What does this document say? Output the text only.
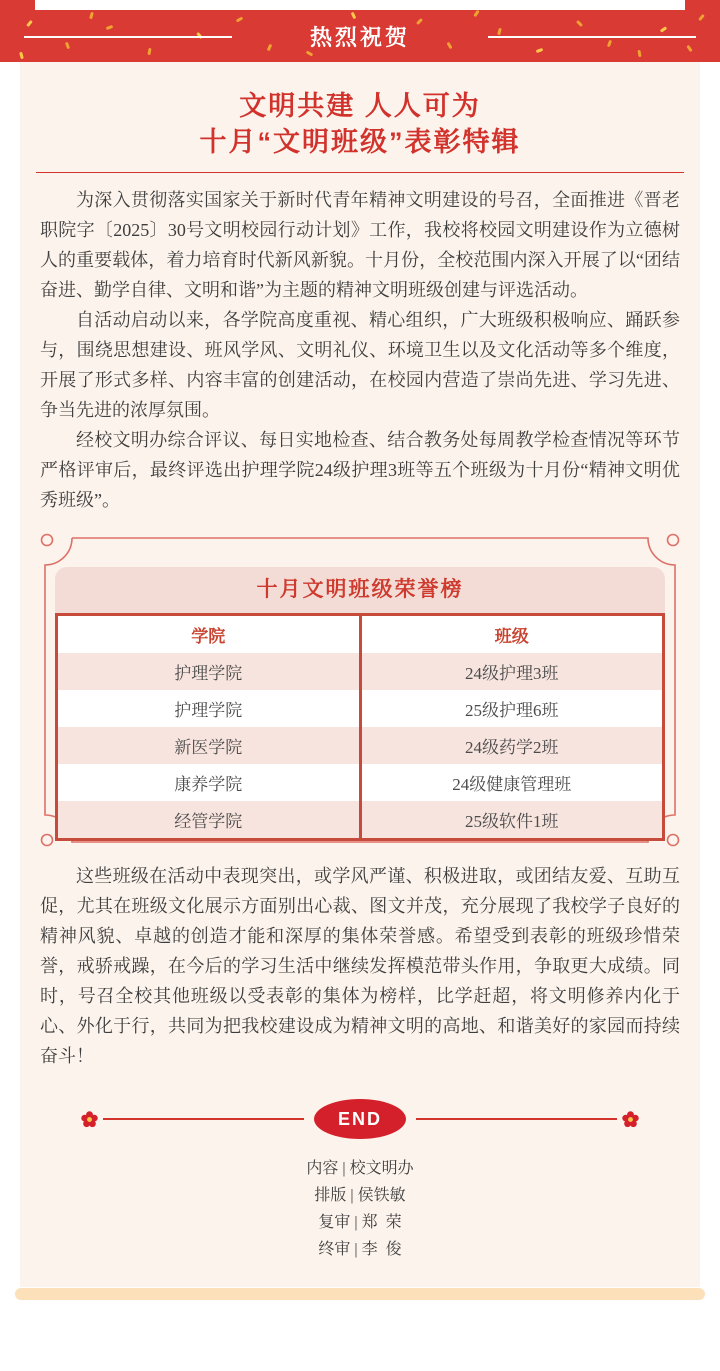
热烈祝贺
文明共建 人人可为
十月“文明班级”表彰特辑

为深入贯彻落实国家关于新时代青年精神文明建设的号召，全面推进《晋老职院字〔2025〕30号文明校园行动计划》工作，我校将校园文明建设作为立德树人的重要载体，着力培育时代新风新貌。十月份，全校范围内深入开展了以“团结奋进、勤学自律、文明和谐”为主题的精神文明班级创建与评选活动。

自活动启动以来，各学院高度重视、精心组织，广大班级积极响应、踊跃参与，围绕思想建设、班风学风、文明礼仪、环境卫生以及文化活动等多个维度，开展了形式多样、内容丰富的创建活动，在校园内营造了崇尚先进、学习先进、争当先进的浓厚氛围。

经校文明办综合评议、每日实地检查、结合教务处每周教学检查情况等环节严格评审后，最终评选出护理学院24级护理3班等五个班级为十月份“精神文明优秀班级”。

十月文明班级荣誉榜
学院	班级
护理学院	24级护理3班
护理学院	25级护理6班
新医学院	24级药学2班
康养学院	24级健康管理班
经管学院	25级软件1班

这些班级在活动中表现突出，或学风严谨、积极进取，或团结友爱、互助互促，尤其在班级文化展示方面别出心裁、图文并茂，充分展现了我校学子良好的精神风貌、卓越的创造才能和深厚的集体荣誉感。希望受到表彰的班级珍惜荣誉，戒骄戒躁，在今后的学习生活中继续发挥模范带头作用，争取更大成绩。同时，号召全校其他班级以受表彰的集体为榜样，比学赶超，将文明修养内化于心、外化于行，共同为把我校建设成为精神文明的高地、和谐美好的家园而持续奋斗！

END
内容 | 校文明办
排版 | 侯铁敏
复审 | 郑  荣
终审 | 李  俊
